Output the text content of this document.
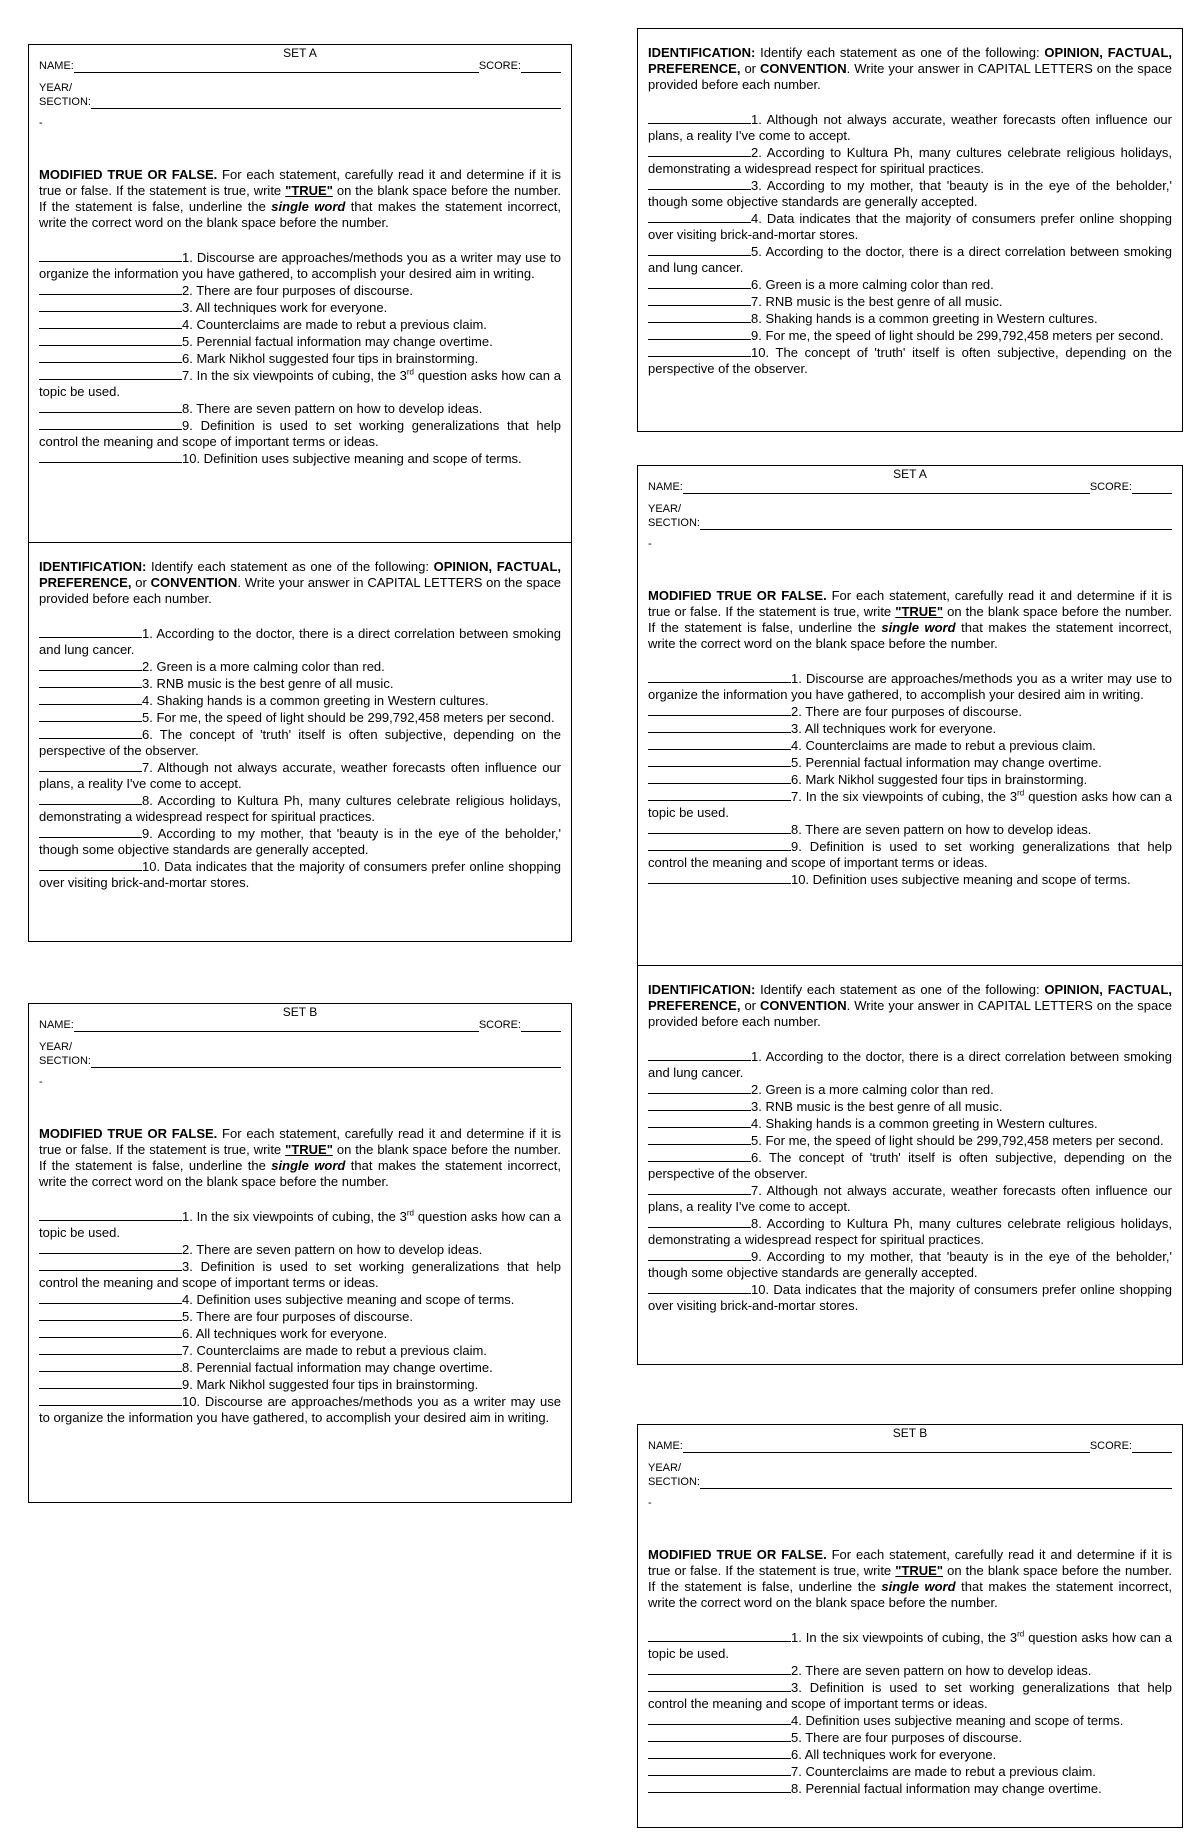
SET A
NAME:	SCORE:
YEAR/
SECTION:
-
MODIFIED TRUE OR FALSE. For each statement, carefully read it and determine if it is true or false. If the statement is true, write "TRUE" on the blank space before the number. If the statement is false, underline the single word that makes the statement incorrect, write the correct word on the blank space before the number.
1. Discourse are approaches/methods you as a writer may use to organize the information you have gathered, to accomplish your desired aim in writing.
2. There are four purposes of discourse.
3. All techniques work for everyone.
4. Counterclaims are made to rebut a previous claim.
5. Perennial factual information may change overtime.
6. Mark Nikhol suggested four tips in brainstorming.
7. In the six viewpoints of cubing, the 3rd question asks how can a topic be used.
8. There are seven pattern on how to develop ideas.
9. Definition is used to set working generalizations that help control the meaning and scope of important terms or ideas.
10. Definition uses subjective meaning and scope of terms.
IDENTIFICATION: Identify each statement as one of the following: OPINION, FACTUAL, PREFERENCE, or CONVENTION. Write your answer in CAPITAL LETTERS on the space provided before each number.
1. According to the doctor, there is a direct correlation between smoking and lung cancer.
2. Green is a more calming color than red.
3. RNB music is the best genre of all music.
4. Shaking hands is a common greeting in Western cultures.
5. For me, the speed of light should be 299,792,458 meters per second.
6. The concept of 'truth' itself is often subjective, depending on the perspective of the observer.
7. Although not always accurate, weather forecasts often influence our plans, a reality I've come to accept.
8. According to Kultura Ph, many cultures celebrate religious holidays, demonstrating a widespread respect for spiritual practices.
9. According to my mother, that 'beauty is in the eye of the beholder,' though some objective standards are generally accepted.
10. Data indicates that the majority of consumers prefer online shopping over visiting brick-and-mortar stores.
SET B
NAME:	SCORE:
YEAR/
SECTION:
-
MODIFIED TRUE OR FALSE. For each statement, carefully read it and determine if it is true or false. If the statement is true, write "TRUE" on the blank space before the number. If the statement is false, underline the single word that makes the statement incorrect, write the correct word on the blank space before the number.
1. In the six viewpoints of cubing, the 3rd question asks how can a topic be used.
2. There are seven pattern on how to develop ideas.
3. Definition is used to set working generalizations that help control the meaning and scope of important terms or ideas.
4. Definition uses subjective meaning and scope of terms.
5. There are four purposes of discourse.
6. All techniques work for everyone.
7. Counterclaims are made to rebut a previous claim.
8. Perennial factual information may change overtime.
9. Mark Nikhol suggested four tips in brainstorming.
10. Discourse are approaches/methods you as a writer may use to organize the information you have gathered, to accomplish your desired aim in writing.
IDENTIFICATION: Identify each statement as one of the following: OPINION, FACTUAL, PREFERENCE, or CONVENTION. Write your answer in CAPITAL LETTERS on the space provided before each number.
1. Although not always accurate, weather forecasts often influence our plans, a reality I've come to accept.
2. According to Kultura Ph, many cultures celebrate religious holidays, demonstrating a widespread respect for spiritual practices.
3. According to my mother, that 'beauty is in the eye of the beholder,' though some objective standards are generally accepted.
4. Data indicates that the majority of consumers prefer online shopping over visiting brick-and-mortar stores.
5. According to the doctor, there is a direct correlation between smoking and lung cancer.
6. Green is a more calming color than red.
7. RNB music is the best genre of all music.
8. Shaking hands is a common greeting in Western cultures.
9. For me, the speed of light should be 299,792,458 meters per second.
10. The concept of 'truth' itself is often subjective, depending on the perspective of the observer.
SET A
NAME:	SCORE:
YEAR/
SECTION:
-
MODIFIED TRUE OR FALSE. For each statement, carefully read it and determine if it is true or false. If the statement is true, write "TRUE" on the blank space before the number. If the statement is false, underline the single word that makes the statement incorrect, write the correct word on the blank space before the number.
1. Discourse are approaches/methods you as a writer may use to organize the information you have gathered, to accomplish your desired aim in writing.
2. There are four purposes of discourse.
3. All techniques work for everyone.
4. Counterclaims are made to rebut a previous claim.
5. Perennial factual information may change overtime.
6. Mark Nikhol suggested four tips in brainstorming.
7. In the six viewpoints of cubing, the 3rd question asks how can a topic be used.
8. There are seven pattern on how to develop ideas.
9. Definition is used to set working generalizations that help control the meaning and scope of important terms or ideas.
10. Definition uses subjective meaning and scope of terms.
IDENTIFICATION: Identify each statement as one of the following: OPINION, FACTUAL, PREFERENCE, or CONVENTION. Write your answer in CAPITAL LETTERS on the space provided before each number.
1. According to the doctor, there is a direct correlation between smoking and lung cancer.
2. Green is a more calming color than red.
3. RNB music is the best genre of all music.
4. Shaking hands is a common greeting in Western cultures.
5. For me, the speed of light should be 299,792,458 meters per second.
6. The concept of 'truth' itself is often subjective, depending on the perspective of the observer.
7. Although not always accurate, weather forecasts often influence our plans, a reality I've come to accept.
8. According to Kultura Ph, many cultures celebrate religious holidays, demonstrating a widespread respect for spiritual practices.
9. According to my mother, that 'beauty is in the eye of the beholder,' though some objective standards are generally accepted.
10. Data indicates that the majority of consumers prefer online shopping over visiting brick-and-mortar stores.
SET B
NAME:	SCORE:
YEAR/
SECTION:
-
MODIFIED TRUE OR FALSE. For each statement, carefully read it and determine if it is true or false. If the statement is true, write "TRUE" on the blank space before the number. If the statement is false, underline the single word that makes the statement incorrect, write the correct word on the blank space before the number.
1. In the six viewpoints of cubing, the 3rd question asks how can a topic be used.
2. There are seven pattern on how to develop ideas.
3. Definition is used to set working generalizations that help control the meaning and scope of important terms or ideas.
4. Definition uses subjective meaning and scope of terms.
5. There are four purposes of discourse.
6. All techniques work for everyone.
7. Counterclaims are made to rebut a previous claim.
8. Perennial factual information may change overtime.
